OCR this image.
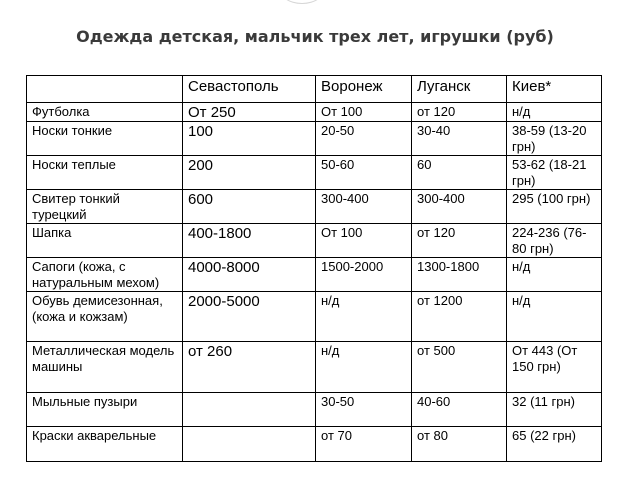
Одежда детская, мальчик трех лет, игрушки (руб)
	Севастополь	Воронеж	Луганск	Киев*
Футболка	От 250	От 100	от 120	н/д
Носки тонкие	100	20-50	30-40	38-59 (13-20 грн)
Носки теплые	200	50-60	60	53-62 (18-21 грн)
Свитер тонкий турецкий	600	300-400	300-400	295 (100 грн)
Шапка	400-1800	От 100	от 120	224-236 (76-80 грн)
Сапоги (кожа, с натуральным мехом)	4000-8000	1500-2000	1300-1800	н/д
Обувь демисезонная, (кожа и кожзам)	2000-5000	н/д	от 1200	н/д
Металлическая модель машины	от 260	н/д	от 500	От 443 (От 150 грн)
Мыльные пузыри		30-50	40-60	32 (11 грн)
Краски акварельные		от 70	от 80	65 (22 грн)
